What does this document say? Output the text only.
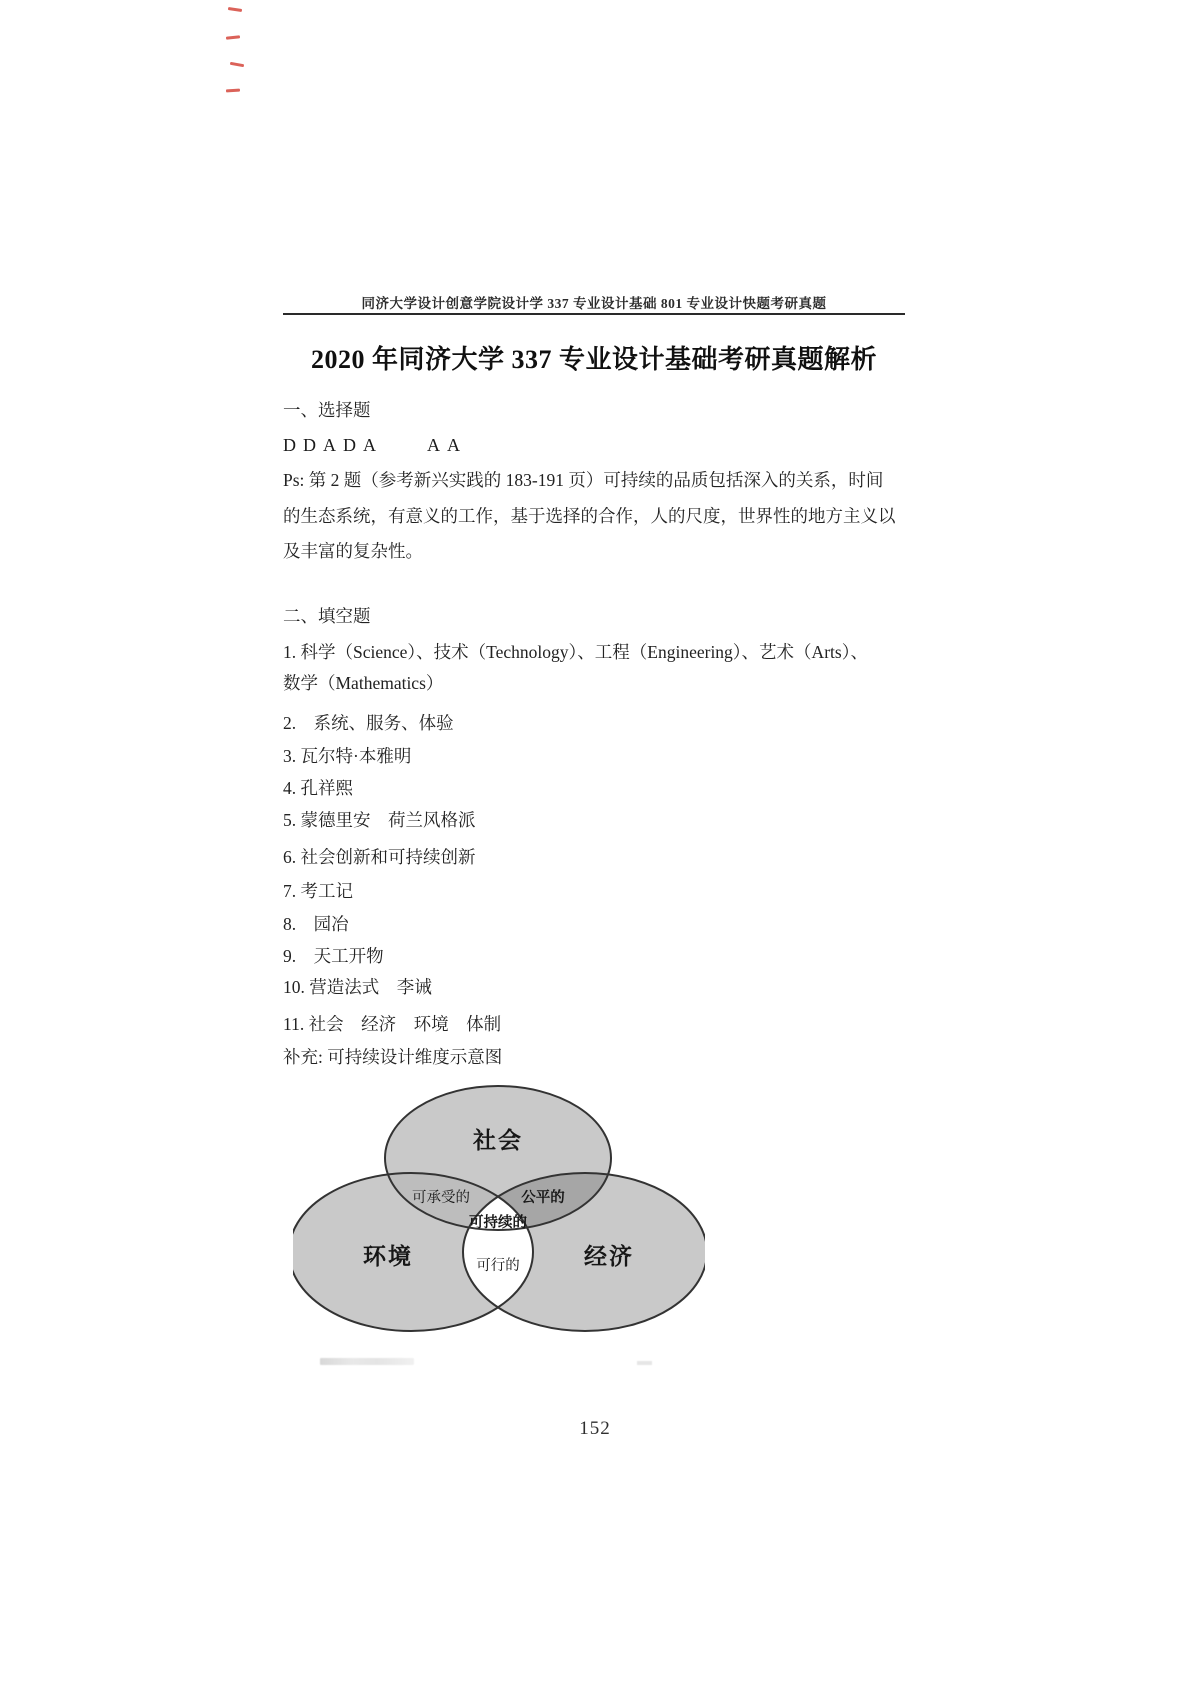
同济大学设计创意学院设计学 337 专业设计基础 801 专业设计快题考研真题
2020 年同济大学 337 专业设计基础考研真题解析
一、选择题
DDADA    AA
Ps: 第 2 题（参考新兴实践的 183-191 页）可持续的品质包括深入的关系，时间
的生态系统，有意义的工作，基于选择的合作，人的尺度，世界性的地方主义以
及丰富的复杂性。
二、填空题
1. 科学（Science）、技术（Technology）、工程（Engineering）、艺术（Arts）、
数学（Mathematics）
2.　系统、服务、体验
3. 瓦尔特·本雅明
4. 孔祥熙
5. 蒙德里安　荷兰风格派
6. 社会创新和可持续创新
7. 考工记
8.　园冶
9.　天工开物
10. 营造法式　李诫
11. 社会　经济　环境　体制
补充: 可持续设计维度示意图
社会
可承受的	公平的
可持续的
环境	可行的	经济
152
